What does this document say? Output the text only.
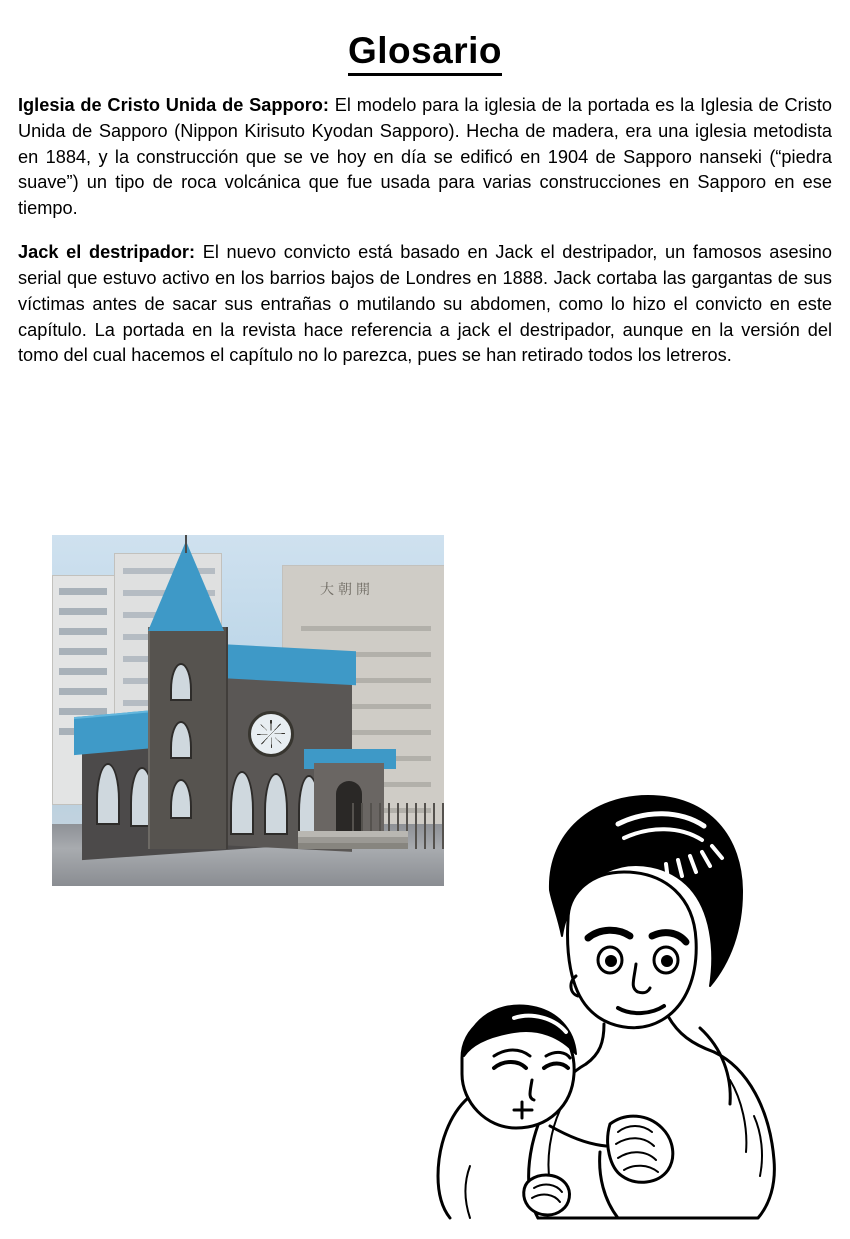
Glosario

Iglesia de Cristo Unida de Sapporo: El modelo para la iglesia de la portada es la Iglesia de Cristo Unida de Sapporo (Nippon Kirisuto Kyodan Sapporo). Hecha de madera, era una iglesia metodista en 1884, y la construcción que se ve hoy en día se edificó en 1904 de Sapporo nanseki (“piedra suave”) un tipo de roca volcánica que fue usada para varias construcciones en Sapporo en ese tiempo.

Jack el destripador: El nuevo convicto está basado en Jack el destripador, un famosos asesino serial que estuvo activo en los barrios bajos de Londres en 1888. Jack cortaba las gargantas de sus víctimas antes de sacar sus entrañas o mutilando su abdomen, como lo hizo el convicto en este capítulo. La portada en la revista hace referencia a jack el destripador, aunque en la versión del tomo del cual hacemos el capítulo no lo parezca, pues se han retirado todos los letreros.

大朝開
